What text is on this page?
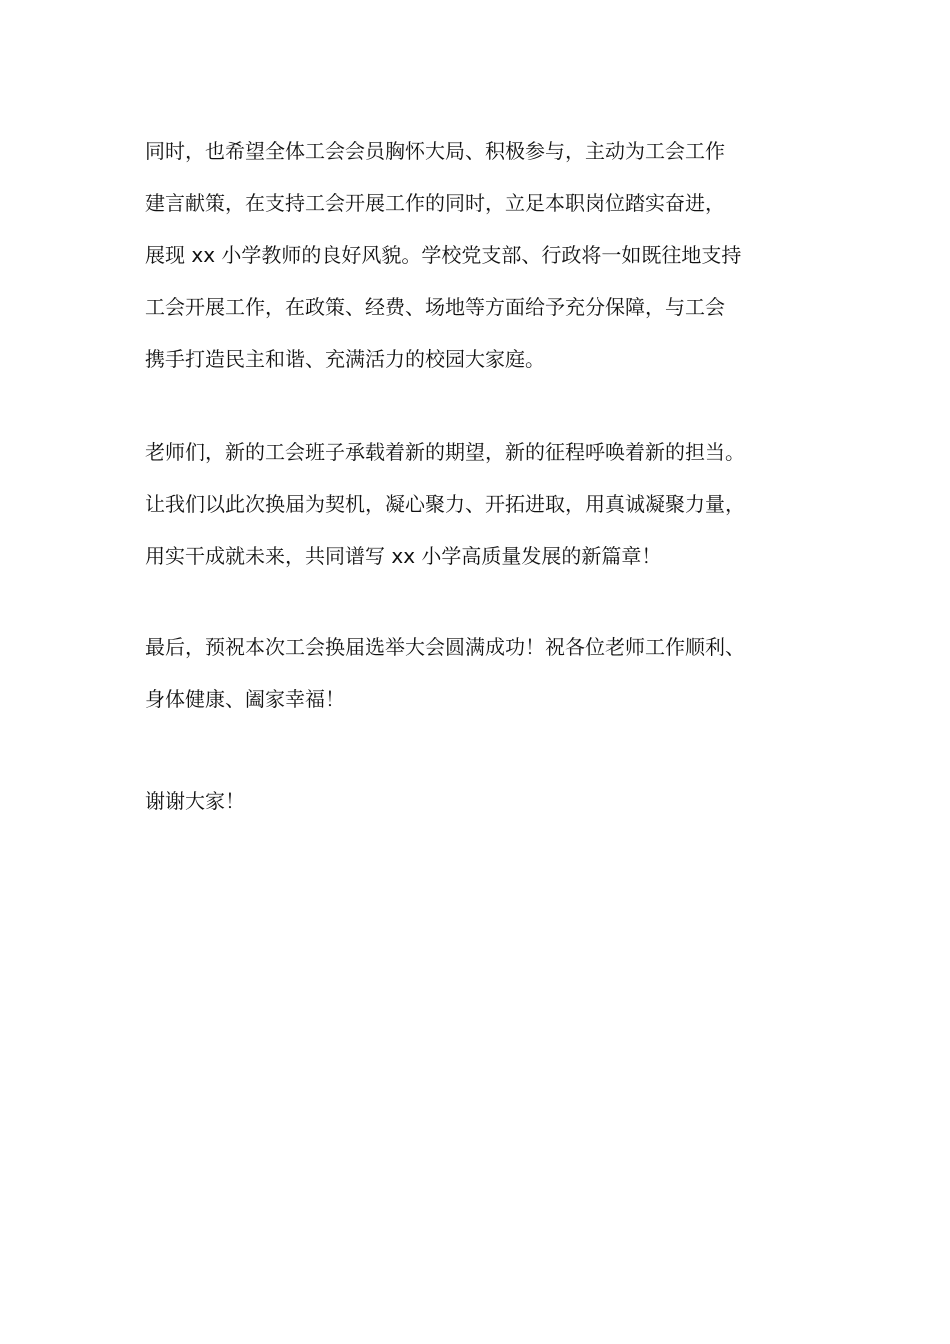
同时，也希望全体工会会员胸怀大局、积极参与，主动为工会工作
建言献策，在支持工会开展工作的同时，立足本职岗位踏实奋进，
展现 xx 小学教师的良好风貌。学校党支部、行政将一如既往地支持
工会开展工作，在政策、经费、场地等方面给予充分保障，与工会
携手打造民主和谐、充满活力的校园大家庭。
老师们，新的工会班子承载着新的期望，新的征程呼唤着新的担当。
让我们以此次换届为契机，凝心聚力、开拓进取，用真诚凝聚力量，
用实干成就未来，共同谱写 xx 小学高质量发展的新篇章！
最后，预祝本次工会换届选举大会圆满成功！祝各位老师工作顺利、
身体健康、阖家幸福！
谢谢大家！
